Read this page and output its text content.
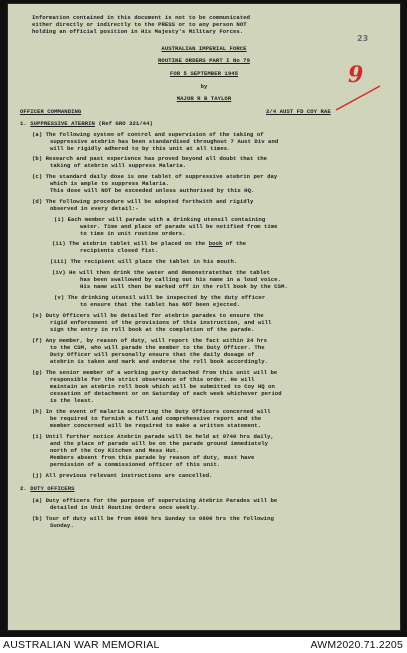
23
9
Information contained in this document is not to be communicated
either directly or indirectly to the PRESS or to any person NOT
holding an official position in His Majesty's Military Forces.
AUSTRALIAN IMPERIAL FORCE
ROUTINE ORDERS PART I No 79
FOR 5 SEPTEMBER 1945
by
MAJOR R B TAYLOR
OFFICER COMMANDING	2/4 AUST FD COY RAE
1. SUPPRESSIVE ATEBRIN (Ref GRO 321/44)
(a) The following system of control and supervision of the taking of
suppressive atebrin has been standardised throughout 7 Aust Div and
will be rigidly adhered to by this unit at all times.
(b) Research and past experience has proved beyond all doubt that the
taking of atebrin will suppress Malaria.
(c) The standard daily dose is one tablet of suppressive atebrin per day
which is ample to suppress Malaria.
This dose will NOT be exceeded unless authorised by this HQ.
(d) The following procedure will be adopted forthwith and rigidly
observed in every detail:-
(i) Each member will parade with a drinking utensil containing
water. Time and place of parade will be notified from time
to time in unit routine orders.
(ii) The atebrin tablet will be placed on the book of the
recipients closed fist.
(iii) The recipient will place the tablet in his mouth.
(iv) He will then drink the water and demonstratethat the tablet
has been swallowed by calling out his name in a loud voice.
His name will then be marked off in the roll book by the CSM.
(v) The drinking utensil will be inspected by the duty officer
to ensure that the tablet has NOT been ejected.
(e) Duty Officers will be detailed for atebrin parades to ensure the
rigid enforcement of the provisions of this instruction, and will
sign the entry in roll book at the completion of the parade.
(f) Any member, by reason of duty, will report the fact within 24 hrs
to the CSM, who will parade the member to the Duty Officer. The
Duty Officer will personally ensure that the daily dosage of
atebrin is taken and mark and endorse the roll book accordingly.
(g) The senior member of a working party detached from this unit will be
responsible for the strict observance of this order. He will
maintain an atebrin roll book which will be submitted to Coy HQ on
cessation of detachment or on Saturday of each week whichever period
is the least.
(h) In the event of malaria occurring the Duty Officers concerned will
be required to furnish a full and comprehensive report and the
member concerned will be required to make a written statement.
(i) Until further notice Atebrin parade will be held at 0740 hrs daily,
and the place of parade will be on the parade ground immediately
north of the Coy Kitchen and Mess Hut.
Members absent from this parade by reason of duty, must have
permission of a commissioned officer of this unit.
(j) All previous relevant instructions are cancelled.
2. DUTY OFFICERS
(a) Duty officers for the purpose of supervising Atebrin Parades will be
detailed in Unit Routine Orders once weekly.
(b) Tour of duty will be from 0600 hrs Sunday to 0600 hrs the following
Sunday.
AUSTRALIAN WAR MEMORIAL	AWM2020.71.2205
